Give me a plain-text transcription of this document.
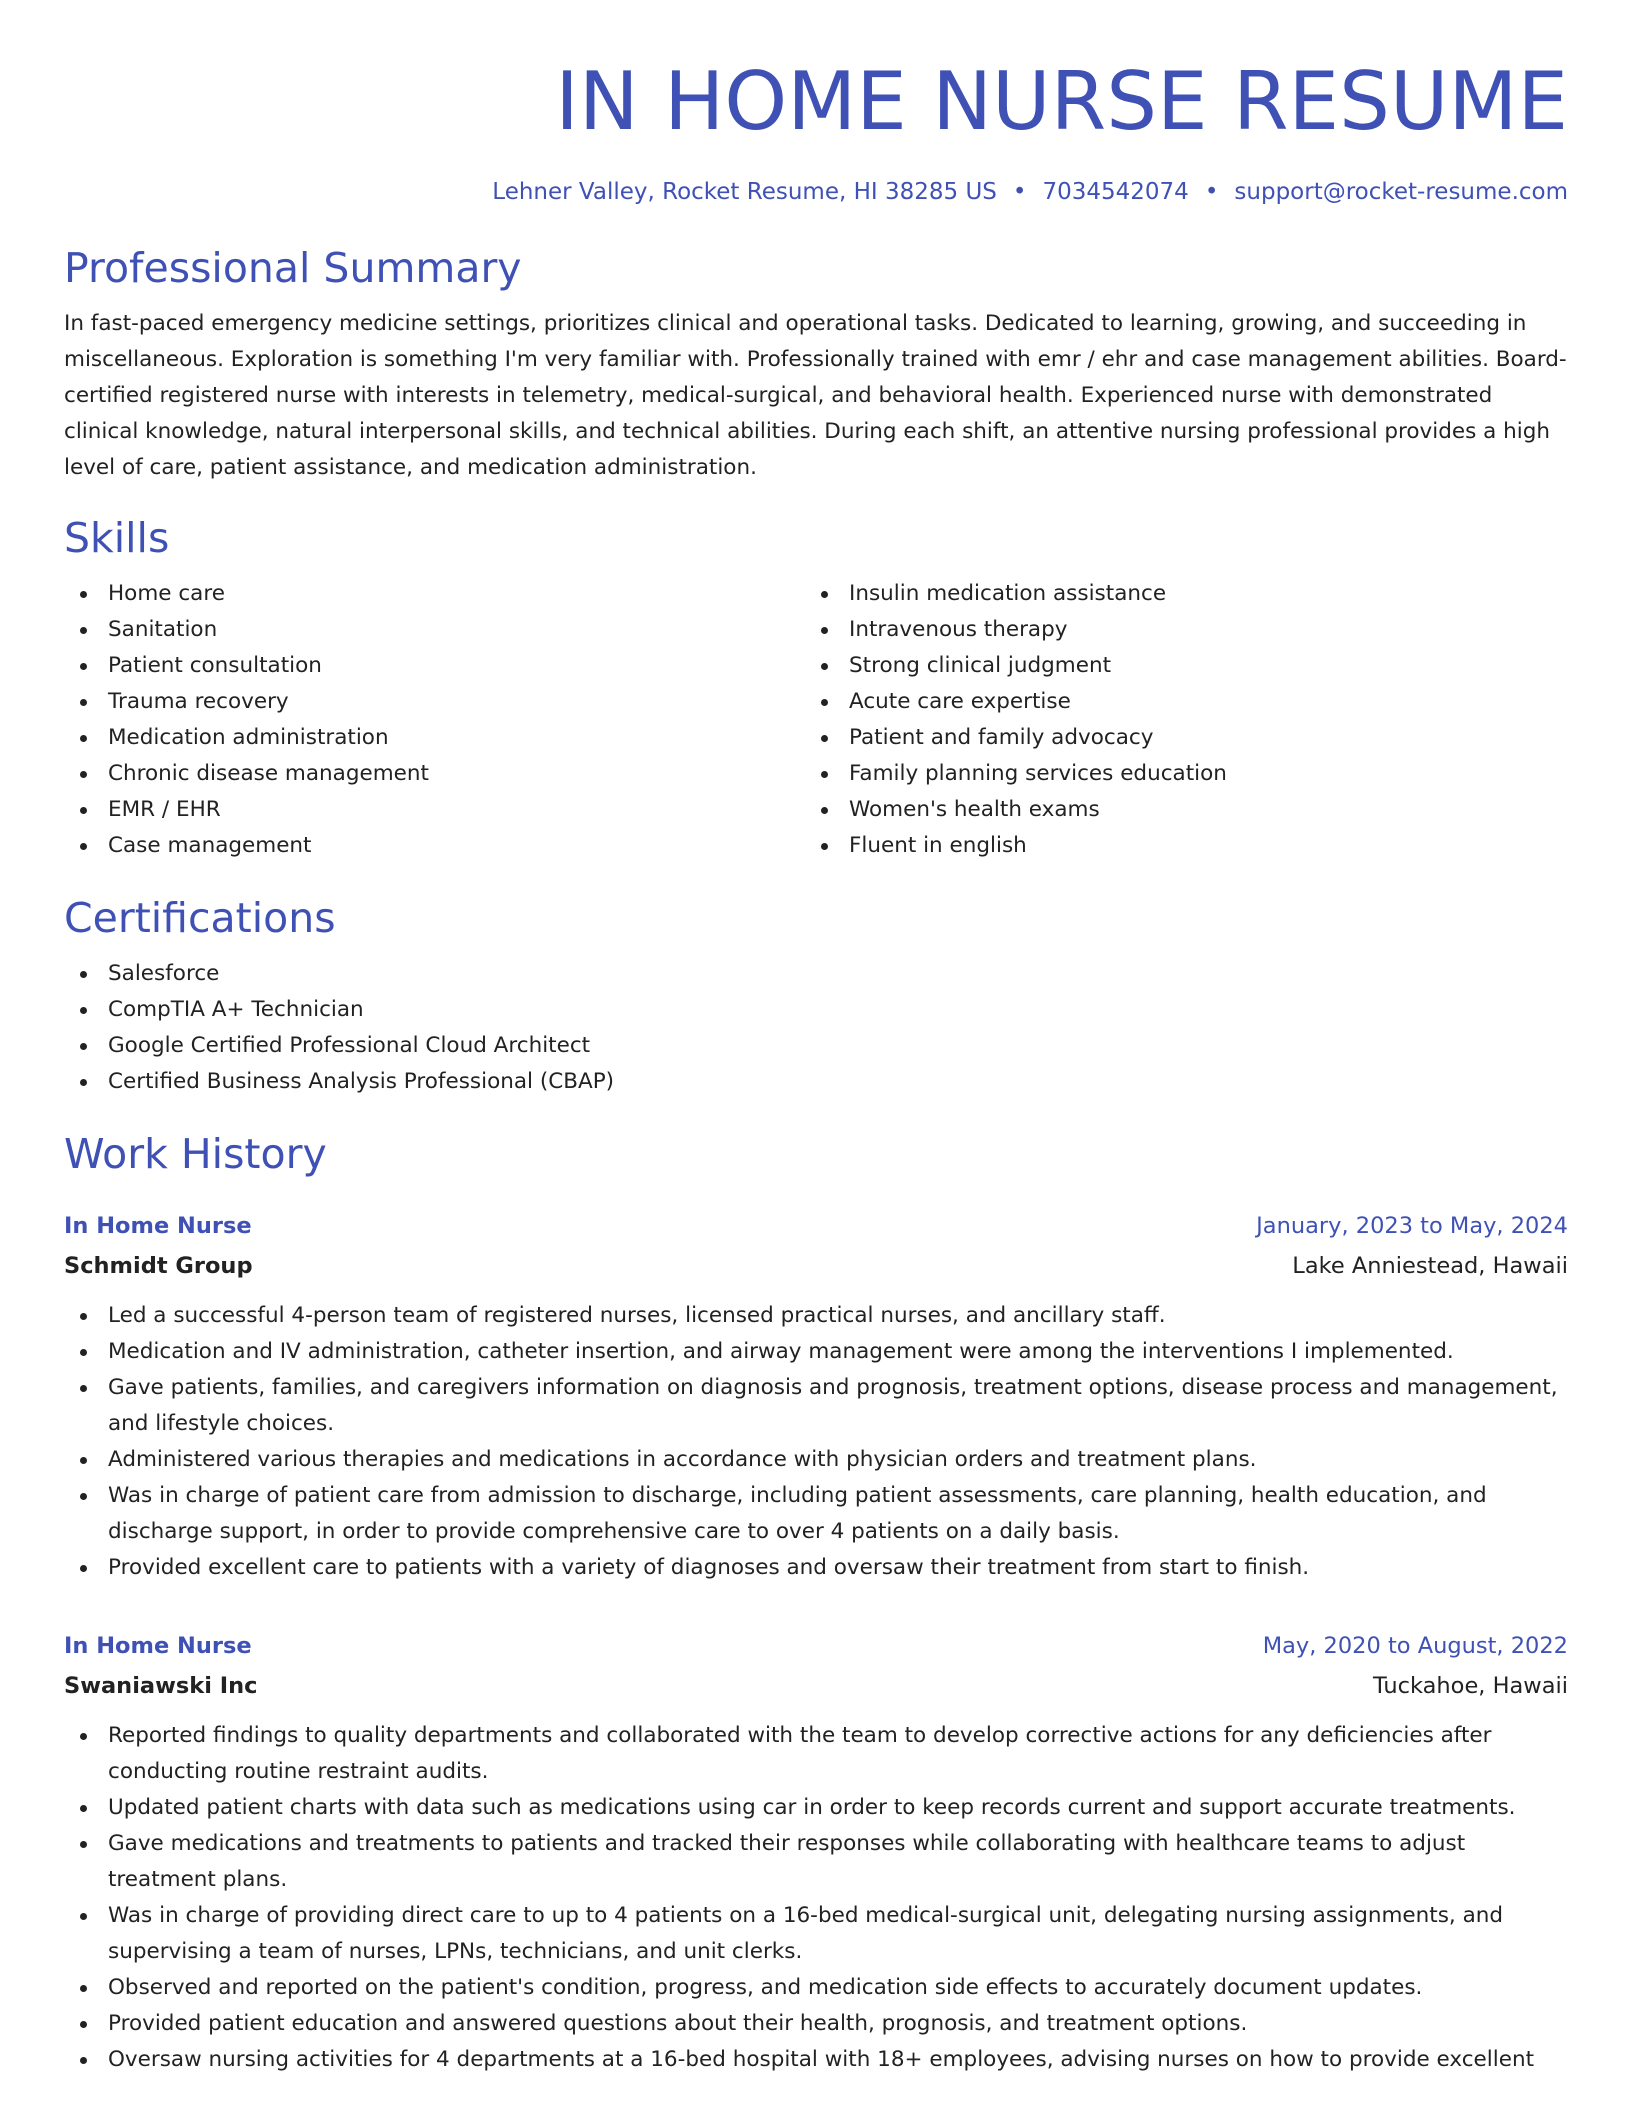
IN HOME NURSE RESUME
Lehner Valley, Rocket Resume, HI 38285 US • 7034542074 • support@rocket-resume.com
Professional Summary

In fast-paced emergency medicine settings, prioritizes clinical and operational tasks. Dedicated to learning, growing, and succeeding in miscellaneous. Exploration is something I'm very familiar with. Professionally trained with emr / ehr and case management abilities. Board-certified registered nurse with interests in telemetry, medical-surgical, and behavioral health. Experienced nurse with demonstrated clinical knowledge, natural interpersonal skills, and technical abilities. During each shift, an attentive nursing professional provides a high level of care, patient assistance, and medication administration.

Skills
Home care
Sanitation
Patient consultation
Trauma recovery
Medication administration
Chronic disease management
EMR / EHR
Case management
Insulin medication assistance
Intravenous therapy
Strong clinical judgment
Acute care expertise
Patient and family advocacy
Family planning services education
Women's health exams
Fluent in english
Certifications
Salesforce
CompTIA A+ Technician
Google Certified Professional Cloud Architect
Certified Business Analysis Professional (CBAP)
Work History
In Home Nurse	January, 2023 to May, 2024
Schmidt Group	Lake Anniestead, Hawaii
Led a successful 4-person team of registered nurses, licensed practical nurses, and ancillary staff.
Medication and IV administration, catheter insertion, and airway management were among the interventions I implemented.
Gave patients, families, and caregivers information on diagnosis and prognosis, treatment options, disease process and management, and lifestyle choices.
Administered various therapies and medications in accordance with physician orders and treatment plans.
Was in charge of patient care from admission to discharge, including patient assessments, care planning, health education, and discharge support, in order to provide comprehensive care to over 4 patients on a daily basis.
Provided excellent care to patients with a variety of diagnoses and oversaw their treatment from start to finish.
In Home Nurse	May, 2020 to August, 2022
Swaniawski Inc	Tuckahoe, Hawaii
Reported findings to quality departments and collaborated with the team to develop corrective actions for any deficiencies after conducting routine restraint audits.
Updated patient charts with data such as medications using car in order to keep records current and support accurate treatments.
Gave medications and treatments to patients and tracked their responses while collaborating with healthcare teams to adjust treatment plans.
Was in charge of providing direct care to up to 4 patients on a 16-bed medical-surgical unit, delegating nursing assignments, and supervising a team of nurses, LPNs, technicians, and unit clerks.
Observed and reported on the patient's condition, progress, and medication side effects to accurately document updates.
Provided patient education and answered questions about their health, prognosis, and treatment options.
Oversaw nursing activities for 4 departments at a 16-bed hospital with 18+ employees, advising nurses on how to provide excellent
